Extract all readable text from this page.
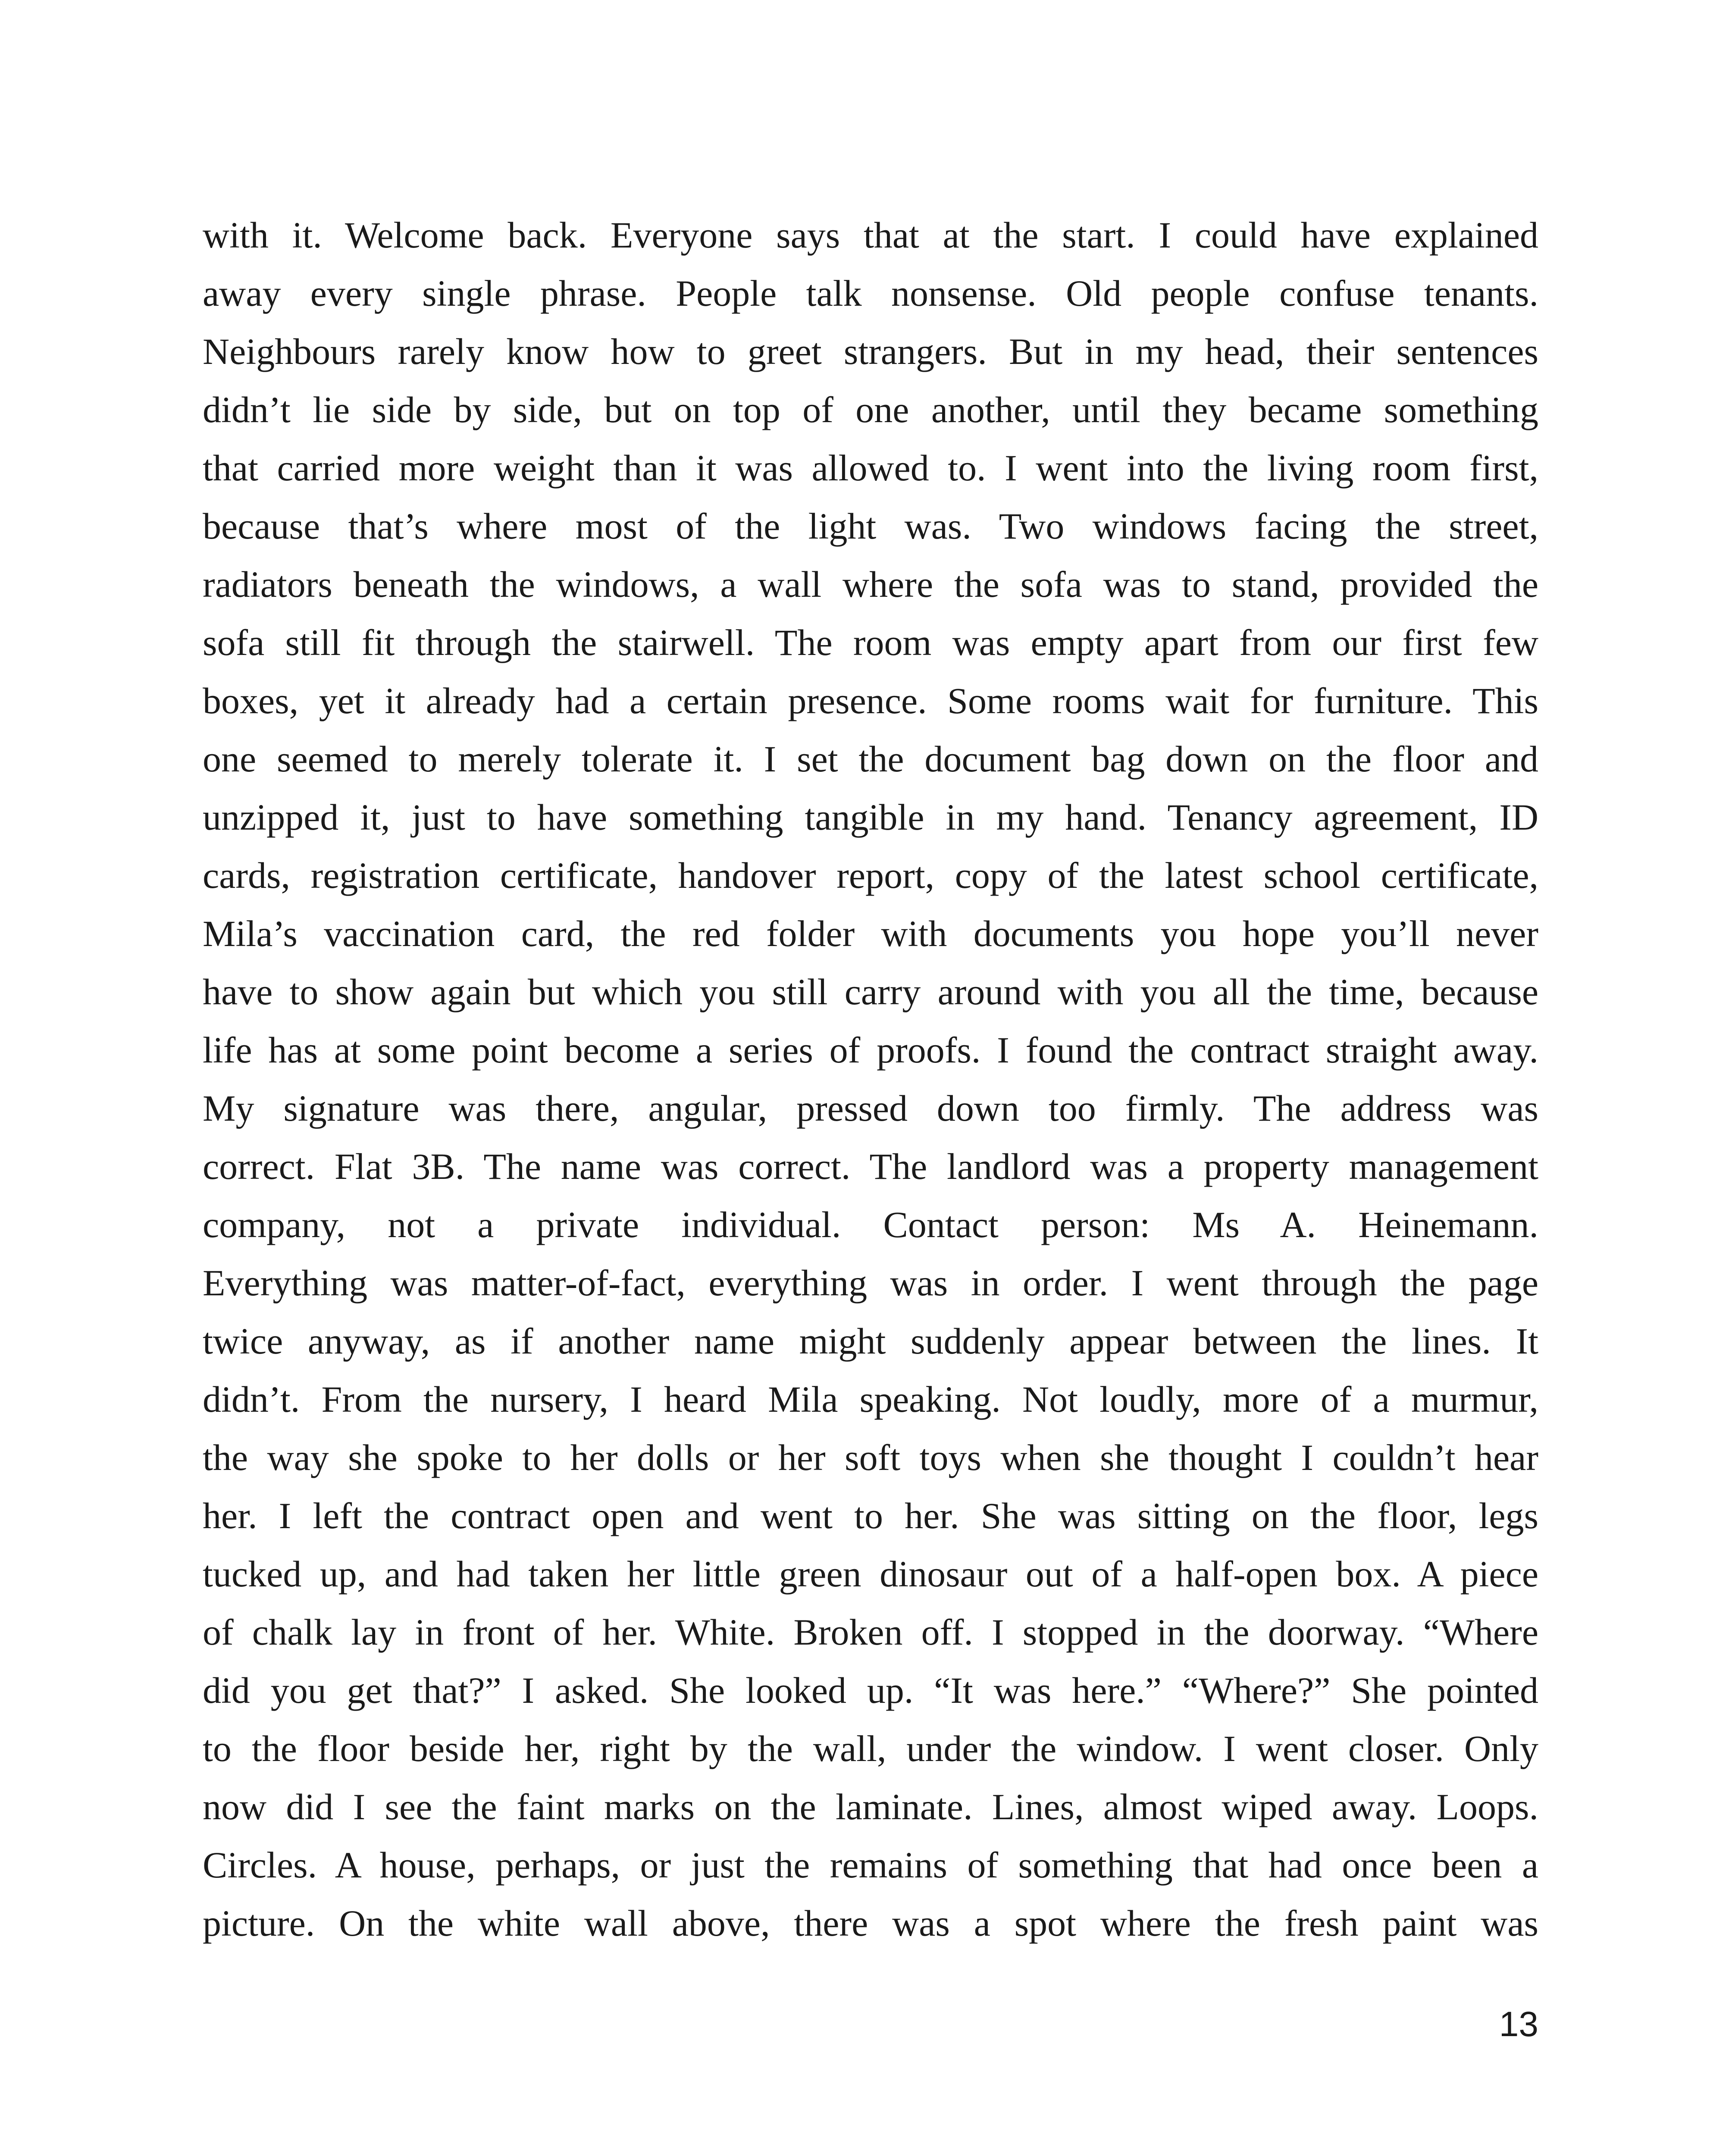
with it. Welcome back. Everyone says that at the start. I could have explained
away every single phrase. People talk nonsense. Old people confuse tenants.
Neighbours rarely know how to greet strangers. But in my head, their sentences
didn’t lie side by side, but on top of one another, until they became something
that carried more weight than it was allowed to. I went into the living room first,
because that’s where most of the light was. Two windows facing the street,
radiators beneath the windows, a wall where the sofa was to stand, provided the
sofa still fit through the stairwell. The room was empty apart from our first few
boxes, yet it already had a certain presence. Some rooms wait for furniture. This
one seemed to merely tolerate it. I set the document bag down on the floor and
unzipped it, just to have something tangible in my hand. Tenancy agreement, ID
cards, registration certificate, handover report, copy of the latest school certificate,
Mila’s vaccination card, the red folder with documents you hope you’ll never
have to show again but which you still carry around with you all the time, because
life has at some point become a series of proofs. I found the contract straight away.
My signature was there, angular, pressed down too firmly. The address was
correct. Flat 3B. The name was correct. The landlord was a property management
company, not a private individual. Contact person: Ms A. Heinemann.
Everything was matter-of-fact, everything was in order. I went through the page
twice anyway, as if another name might suddenly appear between the lines. It
didn’t. From the nursery, I heard Mila speaking. Not loudly, more of a murmur,
the way she spoke to her dolls or her soft toys when she thought I couldn’t hear
her. I left the contract open and went to her. She was sitting on the floor, legs
tucked up, and had taken her little green dinosaur out of a half-open box. A piece
of chalk lay in front of her. White. Broken off. I stopped in the doorway. “Where
did you get that?” I asked. She looked up. “It was here.” “Where?” She pointed
to the floor beside her, right by the wall, under the window. I went closer. Only
now did I see the faint marks on the laminate. Lines, almost wiped away. Loops.
Circles. A house, perhaps, or just the remains of something that had once been a
picture. On the white wall above, there was a spot where the fresh paint was
13
